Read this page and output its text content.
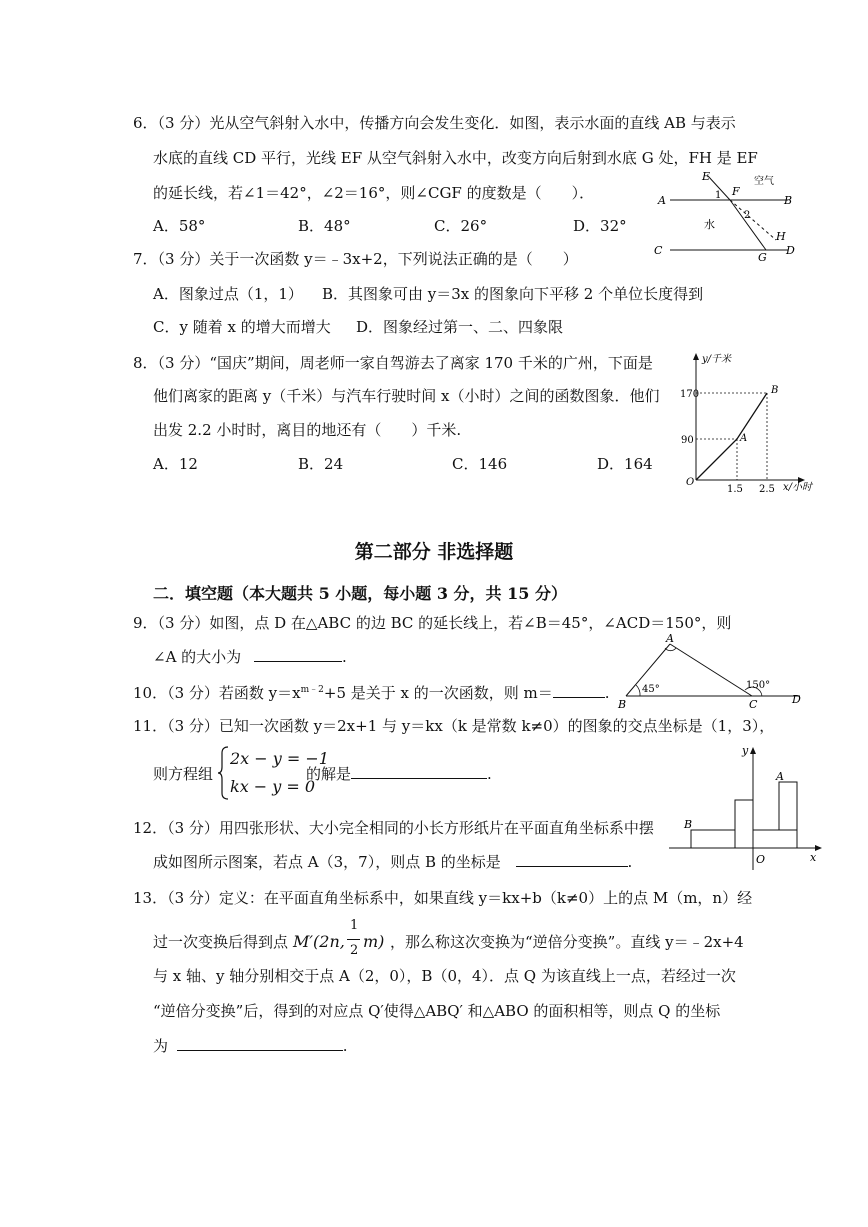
6．（3 分）光从空气斜射入水中，传播方向会发生变化．如图，表示水面的直线 AB 与表示
水底的直线 CD 平行，光线 EF 从空气斜射入水中，改变方向后射到水底 G 处，FH 是 EF
的延长线，若∠1＝42°，∠2＝16°，则∠CGF 的度数是（　　）．
A．58°	B．48°	C．26°	D．32°
E
F
空气
A	B
1
2
水
H
C
G
D
7．（3 分）关于一次函数 y＝﹣3x+2，下列说法正确的是（　　）
A．图象过点（1，1） B．其图象可由 y＝3x 的图象向下平移 2 个单位长度得到
C．y 随着 x 的增大而增大 D．图象经过第一、二、四象限
8．（3 分）“国庆”期间，周老师一家自驾游去了离家 170 千米的广州，下面是
他们离家的距离 y（千米）与汽车行驶时间 x（小时）之间的函数图象．他们
出发 2.2 小时时，离目的地还有（　　）千米.
A．12	B．24	C．146	D．164
y/千米
x/小时
170
90
1.5 2.5
O
A
B
第二部分 非选择题
二．填空题（本大题共 5 小题，每小题 3 分，共 15 分）
9．（3 分）如图，点 D 在△ABC 的边 BC 的延长线上，若∠B＝45°，∠ACD＝150°，则
∠A 的大小为	.
A
B	C	D
45°	150°
10．（3 分）若函数 $y=x^{m﹣2}+5$ 是关于 x 的一次函数，则 m＝	.
11．（3 分）已知一次函数 y＝2x+1 与 y＝kx（k 是常数 k≠0）的图象的交点坐标是（1，3），
则方程组
2x − y = −1
kx − y = 0
的解是	.
y
x
O
A
B
12．（3 分）用四张形状、大小完全相同的小长方形纸片在平面直角坐标系中摆
成如图所示图案，若点 A（3，7），则点 B 的坐标是	.
13．（3 分）定义：在平面直角坐标系中，如果直线 y＝kx+b（k≠0）上的点 M（m，n）经
过一次变换后得到点 M′(2n,
1
2 m) ，那么称这次变换为“逆倍分变换”。直线 y＝﹣2x+4
与 x 轴、y 轴分别相交于点 A（2，0），B（0，4）．点 Q 为该直线上一点，若经过一次
“逆倍分变换”后，得到的对应点 Q′使得△ABQ′ 和△ABO 的面积相等，则点 Q 的坐标
为	.
